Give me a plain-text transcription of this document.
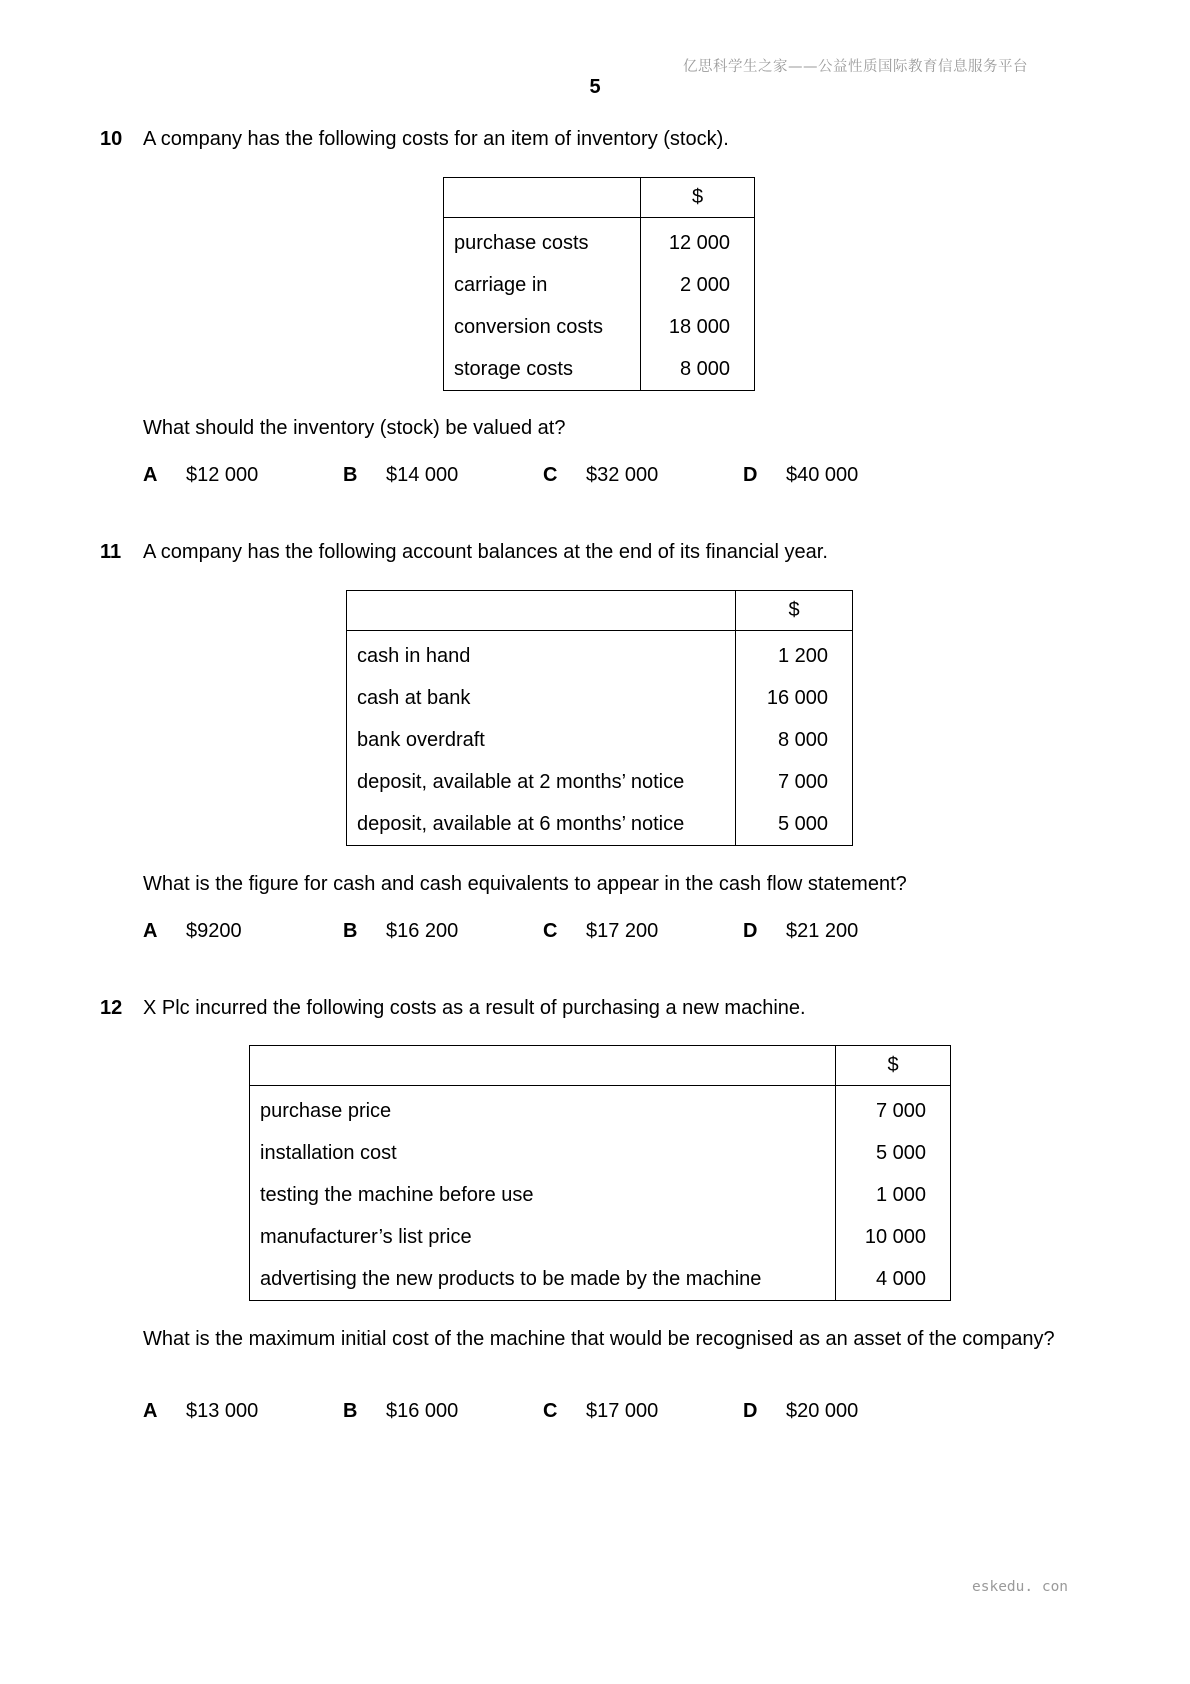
亿思科学生之家——公益性质国际教育信息服务平台
5
10 A company has the following costs for an item of inventory (stock).
	$
purchase costs	12 000
carriage in	2 000
conversion costs	18 000
storage costs	8 000
What should the inventory (stock) be valued at?
A $12 000	B $14 000	C $32 000	D $40 000
11 A company has the following account balances at the end of its financial year.
	$
cash in hand	1 200
cash at bank	16 000
bank overdraft	8 000
deposit, available at 2 months’ notice	7 000
deposit, available at 6 months’ notice	5 000
What is the figure for cash and cash equivalents to appear in the cash flow statement?
A $9200	B $16 200	C $17 200	D $21 200
12 X Plc incurred the following costs as a result of purchasing a new machine.
	$
purchase price	7 000
installation cost	5 000
testing the machine before use	1 000
manufacturer’s list price	10 000
advertising the new products to be made by the machine	4 000
What is the maximum initial cost of the machine that would be recognised as an asset of the company?
A $13 000	B $16 000	C $17 000	D $20 000
eskedu. con
